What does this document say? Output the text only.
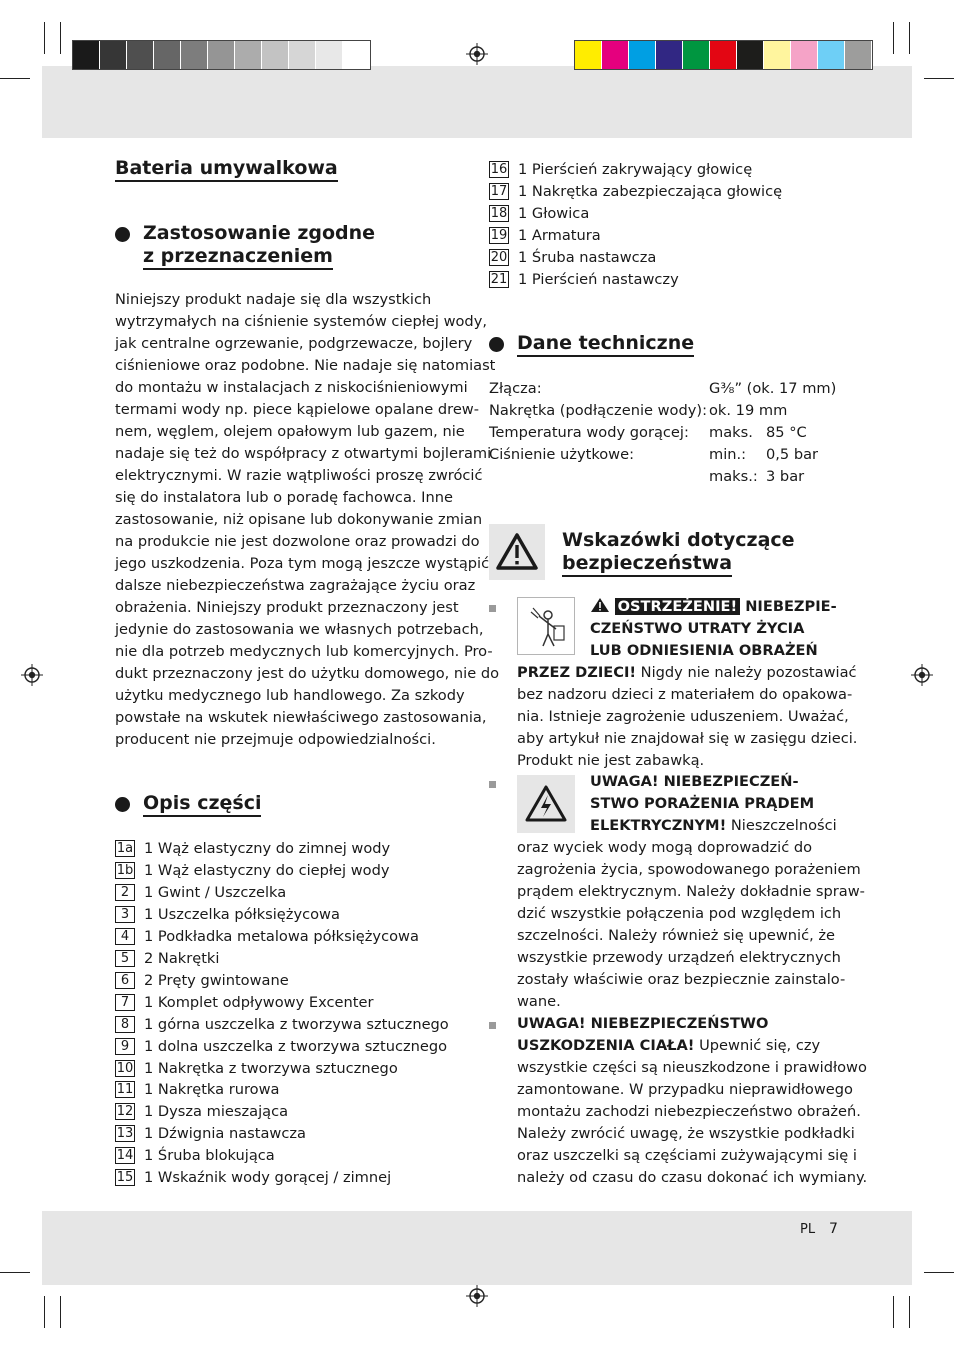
Bateria umywalkowa
Zastosowanie zgodne
z przeznaczeniem
Niniejszy produkt nadaje się dla wszystkich
wytrzymałych na ciśnienie systemów ciepłej wody,
jak centralne ogrzewanie, podgrzewacze, bojlery
ciśnieniowe oraz podobne. Nie nadaje się natomiast
do montażu w instalacjach z niskociśnieniowymi
termami wody np. piece kąpielowe opalane drew-
nem, węglem, olejem opałowym lub gazem, nie
nadaje się też do współpracy z otwartymi bojlerami
elektrycznymi. W razie wątpliwości proszę zwrócić
się do instalatora lub o poradę fachowca. Inne
zastosowanie, niż opisane lub dokonywanie zmian
na produkcie nie jest dozwolone oraz prowadzi do
jego uszkodzenia. Poza tym mogą jeszcze wystąpić
dalsze niebezpieczeństwa zagrażające życiu oraz
obrażenia. Niniejszy produkt przeznaczony jest
jedynie do zastosowania we własnych potrzebach,
nie dla potrzeb medycznych lub komercyjnych. Pro-
dukt przeznaczony jest do użytku domowego, nie do
użytku medycznego lub handlowego. Za szkody
powstałe na wskutek niewłaściwego zastosowania,
producent nie przejmuje odpowiedzialności.
Opis części
1a 1 Wąż elastyczny do zimnej wody
1b 1 Wąż elastyczny do ciepłej wody
2	1 Gwint / Uszczelka
3	1 Uszczelka półksiężycowa
4	1 Podkładka metalowa półksiężycowa
5	2 Nakrętki
6	2 Pręty gwintowane
7	1 Komplet odpływowy Excenter
8	1 górna uszczelka z tworzywa sztucznego
9	1 dolna uszczelka z tworzywa sztucznego
10 1 Nakrętka z tworzywa sztucznego
11 1 Nakrętka rurowa
12 1 Dysza mieszająca
13 1 Dźwignia nastawcza
14 1 Śruba blokująca
15 1 Wskaźnik wody gorącej / zimnej
16 1 Pierścień zakrywający głowicę
17 1 Nakrętka zabezpieczająca głowicę
18 1 Głowica
19 1 Armatura
20 1 Śruba nastawcza
21 1 Pierścień nastawczy
Dane techniczne
Złącza:	G⅜” (ok. 17 mm)
Nakrętka (podłączenie wody): ok. 19 mm
Temperatura wody gorącej: maks. 85 °C
Ciśnienie użytkowe:	min.: 0,5 bar
maks.: 3 bar
Wskazówki dotyczące
bezpieczeństwa
OSTRZEŻENIE! NIEBEZPIE-
CZEŃSTWO UTRATY ŻYCIA
LUB ODNIESIENIA OBRAŻEŃ
PRZEZ DZIECI! Nigdy nie należy pozostawiać
bez nadzoru dzieci z materiałem do opakowa-
nia. Istnieje zagrożenie uduszeniem. Uważać,
aby artykuł nie znajdował się w zasięgu dzieci.
Produkt nie jest zabawką.
UWAGA! NIEBEZPIECZEŃ-
STWO PORAŻENIA PRĄDEM
ELEKTRYCZNYM! Nieszczelności
oraz wyciek wody mogą doprowadzić do
zagrożenia życia, spowodowanego porażeniem
prądem elektrycznym. Należy dokładnie spraw-
dzić wszystkie połączenia pod względem ich
szczelności. Należy również się upewnić, że
wszystkie przewody urządzeń elektrycznych
zostały właściwie oraz bezpiecznie zainstalo-
wane.
UWAGA! NIEBEZPIECZEŃSTWO
USZKODZENIA CIAŁA! Upewnić się, czy
wszystkie części są nieuszkodzone i prawidłowo
zamontowane. W przypadku nieprawidłowego
montażu zachodzi niebezpieczeństwo obrażeń.
Należy zwrócić uwagę, że wszystkie podkładki
oraz uszczelki są częściami zużywającymi się i
należy od czasu do czasu dokonać ich wymiany.
PL 7
